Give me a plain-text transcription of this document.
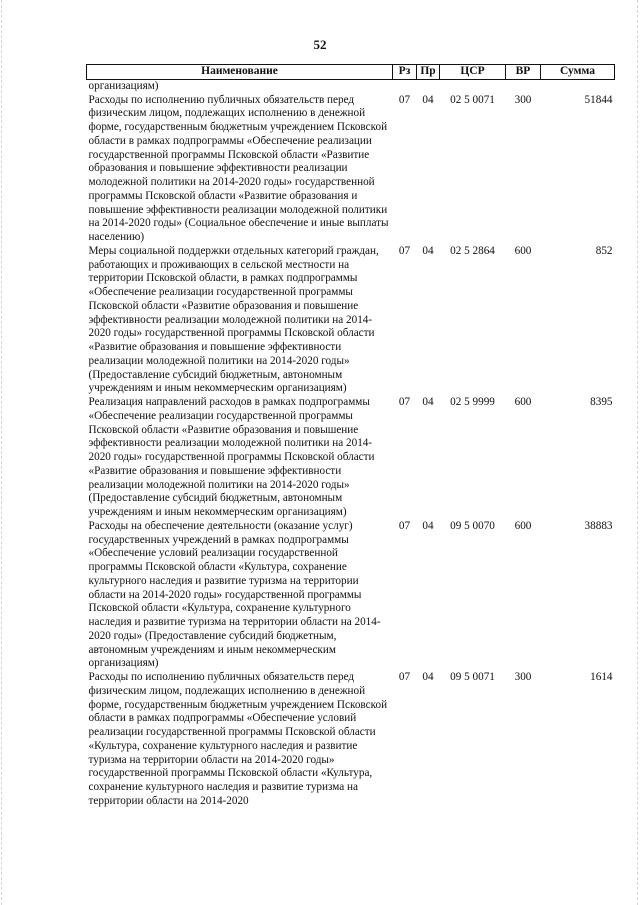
52
Наименование	Рз	Пр	ЦСР	ВР	Сумма
организациям)					
Расходы по исполнению публичных обязательств перед физическим лицом, подлежащих исполнению в денежной форме, государственным бюджетным учреждением Псковской области в рамках подпрограммы «Обеспечение реализации государственной программы Псковской области «Развитие образования и повышение эффективности реализации молодежной политики на 2014-2020 годы» государственной программы Псковской области «Развитие образования и повышение эффективности реализации молодежной политики на 2014-2020 годы» (Социальное обеспечение и иные выплаты населению)	07	04	02 5 0071	300	51844
Меры социальной поддержки отдельных категорий граждан, работающих и проживающих в сельской местности на территории Псковской области, в рамках подпрограммы «Обеспечение реализации государственной программы Псковской области «Развитие образования и повышение эффективности реализации молодежной политики на 2014-2020 годы» государственной программы Псковской области «Развитие образования и повышение эффективности реализации молодежной политики на 2014-2020 годы» (Предоставление субсидий бюджетным, автономным учреждениям и иным некоммерческим организациям)	07	04	02 5 2864	600	852
Реализация направлений расходов в рамках подпрограммы «Обеспечение реализации государственной программы Псковской области «Развитие образования и повышение эффективности реализации молодежной политики на 2014-2020 годы» государственной программы Псковской области «Развитие образования и повышение эффективности реализации молодежной политики на 2014-2020 годы» (Предоставление субсидий бюджетным, автономным учреждениям и иным некоммерческим организациям)	07	04	02 5 9999	600	8395
Расходы на обеспечение деятельности (оказание услуг) государственных учреждений в рамках подпрограммы «Обеспечение условий реализации государственной программы Псковской области «Культура, сохранение культурного наследия и развитие туризма на территории области на 2014-2020 годы» государственной программы Псковской области «Культура, сохранение культурного наследия и развитие туризма на территории области на 2014-2020 годы» (Предоставление субсидий бюджетным, автономным учреждениям и иным некоммерческим организациям)	07	04	09 5 0070	600	38883
Расходы по исполнению публичных обязательств перед физическим лицом, подлежащих исполнению в денежной форме, государственным бюджетным учреждением Псковской области в рамках подпрограммы «Обеспечение условий реализации государственной программы Псковской области «Культура, сохранение культурного наследия и развитие туризма на территории области на 2014-2020 годы» государственной программы Псковской области «Культура, сохранение культурного наследия и развитие туризма на территории области на 2014-2020	07	04	09 5 0071	300	1614
